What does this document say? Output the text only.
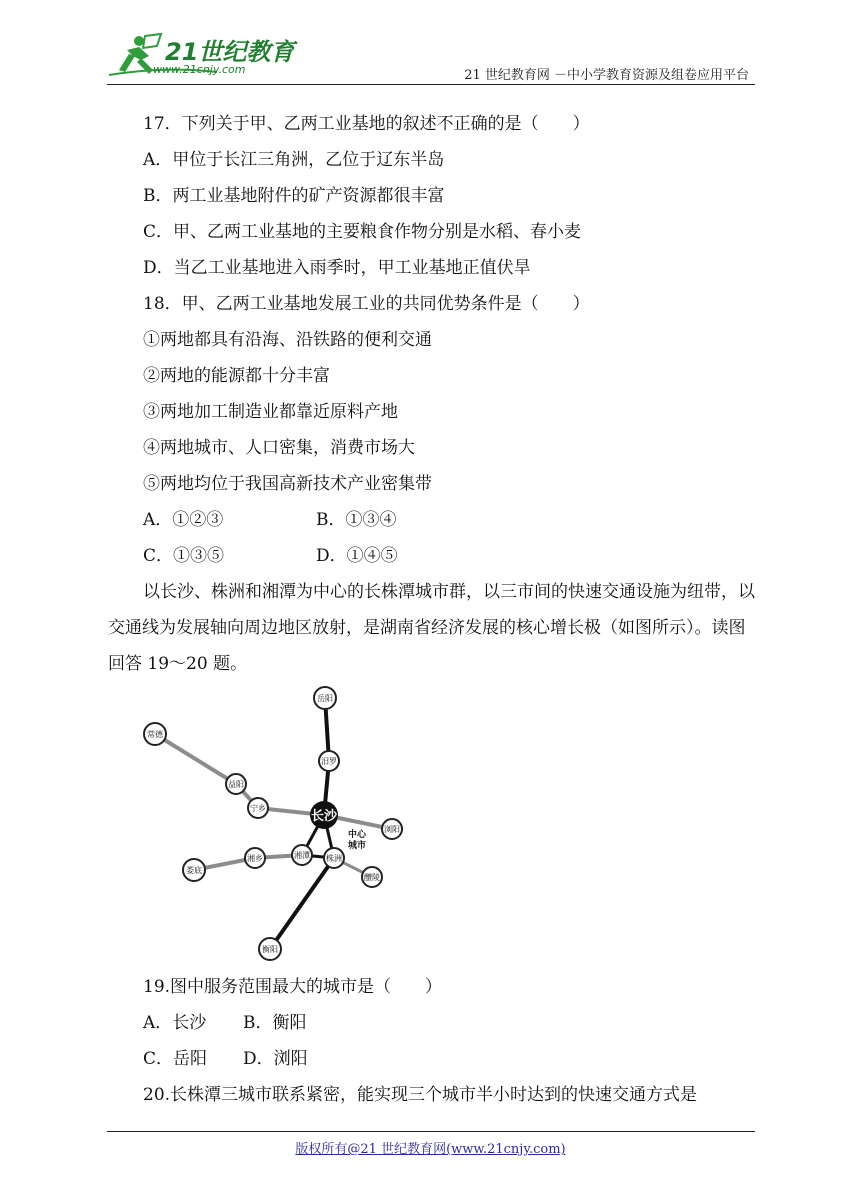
21世纪教育
www.21cnjy.com	21 世纪教育网 －中小学教育资源及组卷应用平台
17．下列关于甲、乙两工业基地的叙述不正确的是（　　）
A．甲位于长江三角洲，乙位于辽东半岛
B．两工业基地附件的矿产资源都很丰富
C．甲、乙两工业基地的主要粮食作物分别是水稻、春小麦
D．当乙工业基地进入雨季时，甲工业基地正值伏旱
18．甲、乙两工业基地发展工业的共同优势条件是（　　）
①两地都具有沿海、沿铁路的便利交通
②两地的能源都十分丰富
③两地加工制造业都靠近原料产地
④两地城市、人口密集，消费市场大
⑤两地均位于我国高新技术产业密集带
A．①②③	B．①③④
C．①③⑤	D．①④⑤
以长沙、株洲和湘潭为中心的长株潭城市群，以三市间的快速交通设施为纽带，以交通线为发展轴向周边地区放射，是湖南省经济发展的核心增长极（如图所示）。读图回答 19～20 题。
岳阳
汨罗
常德
益阳
宁乡
浏阳
湘潭 株洲
湘乡
娄底
醴陵
衡阳
长沙
中心
城市
19.图中服务范围最大的城市是（　　）
A．长沙 B．衡阳
C．岳阳 D．浏阳
20.长株潭三城市联系紧密，能实现三个城市半小时达到的快速交通方式是
版权所有@21 世纪教育网(www.21cnjy.com)
